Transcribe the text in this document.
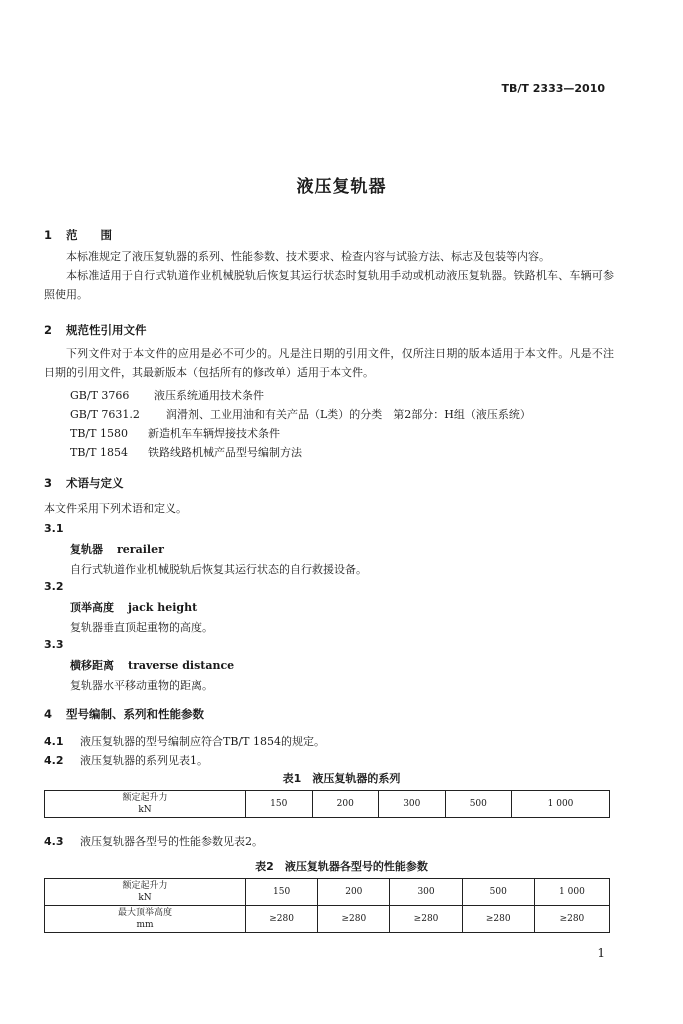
TB/T 2333—2010
液压复轨器
1 范　　围
本标准规定了液压复轨器的系列、性能参数、技术要求、检查内容与试验方法、标志及包装等内容。
本标准适用于自行式轨道作业机械脱轨后恢复其运行状态时复轨用手动或机动液压复轨器。铁路机车、车辆可参照使用。
2 规范性引用文件
下列文件对于本文件的应用是必不可少的。凡是注日期的引用文件，仅所注日期的版本适用于本文件。凡是不注日期的引用文件，其最新版本（包括所有的修改单）适用于本文件。
GB/T 3766 液压系统通用技术条件
GB/T 7631.2 润滑剂、工业用油和有关产品（L类）的分类　第2部分：H组（液压系统）
TB/T 1580 新造机车车辆焊接技术条件
TB/T 1854 铁路线路机械产品型号编制方法
3 术语与定义
本文件采用下列术语和定义。
3.1
复轨器 rerailer
自行式轨道作业机械脱轨后恢复其运行状态的自行救援设备。
3.2
顶举高度 jack height
复轨器垂直顶起重物的高度。
3.3
横移距离 traverse distance
复轨器水平移动重物的距离。
4 型号编制、系列和性能参数
4.1 液压复轨器的型号编制应符合TB/T 1854的规定。
4.2 液压复轨器的系列见表1。
表1　液压复轨器的系列
额定起升力
kN
	150	200	300	500	1 000
4.3 液压复轨器各型号的性能参数见表2。
表2　液压复轨器各型号的性能参数
额定起升力
kN	150	200	300	500	1 000

最大顶举高度
mm	≥280	≥280	≥280	≥280	≥280
1
